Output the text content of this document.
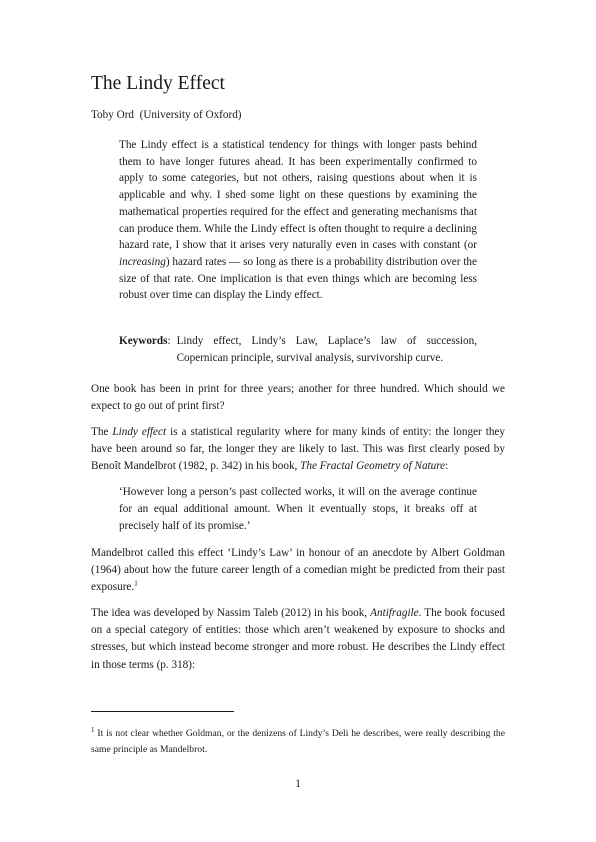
The Lindy Effect
Toby Ord  (University of Oxford)

The Lindy effect is a statistical tendency for things with longer pasts behind them to have longer futures ahead. It has been experimentally confirmed to apply to some categories, but not others, raising questions about when it is applicable and why. I shed some light on these questions by examining the mathematical properties required for the effect and generating mechanisms that can produce them. While the Lindy effect is often thought to require a declining hazard rate, I show that it arises very naturally even in cases with constant (or increasing) hazard rates — so long as there is a probability distribution over the size of that rate. One implication is that even things which are becoming less robust over time can display the Lindy effect.

Keywords : Lindy effect, Lindy’s Law, Laplace’s law of succession, Copernican principle, survival analysis, survivorship curve.

One book has been in print for three years; another for three hundred. Which should we expect to go out of print first?

The Lindy effect is a statistical regularity where for many kinds of entity: the longer they have been around so far, the longer they are likely to last. This was first clearly posed by Benoît Mandelbrot (1982, p. 342) in his book, The Fractal Geometry of Nature:

‘However long a person’s past collected works, it will on the average continue for an equal additional amount. When it eventually stops, it breaks off at precisely half of its promise.’

Mandelbrot called this effect ‘Lindy’s Law’ in honour of an anecdote by Albert Goldman (1964) about how the future career length of a comedian might be predicted from their past exposure.$^1$

The idea was developed by Nassim Taleb (2012) in his book, Antifragile. The book focused on a special category of entities: those which aren’t weakened by exposure to shocks and stresses, but which instead become stronger and more robust. He describes the Lindy effect in those terms (p. 318):

$^1$ It is not clear whether Goldman, or the denizens of Lindy’s Deli he describes, were really describing the same principle as Mandelbrot.

1
